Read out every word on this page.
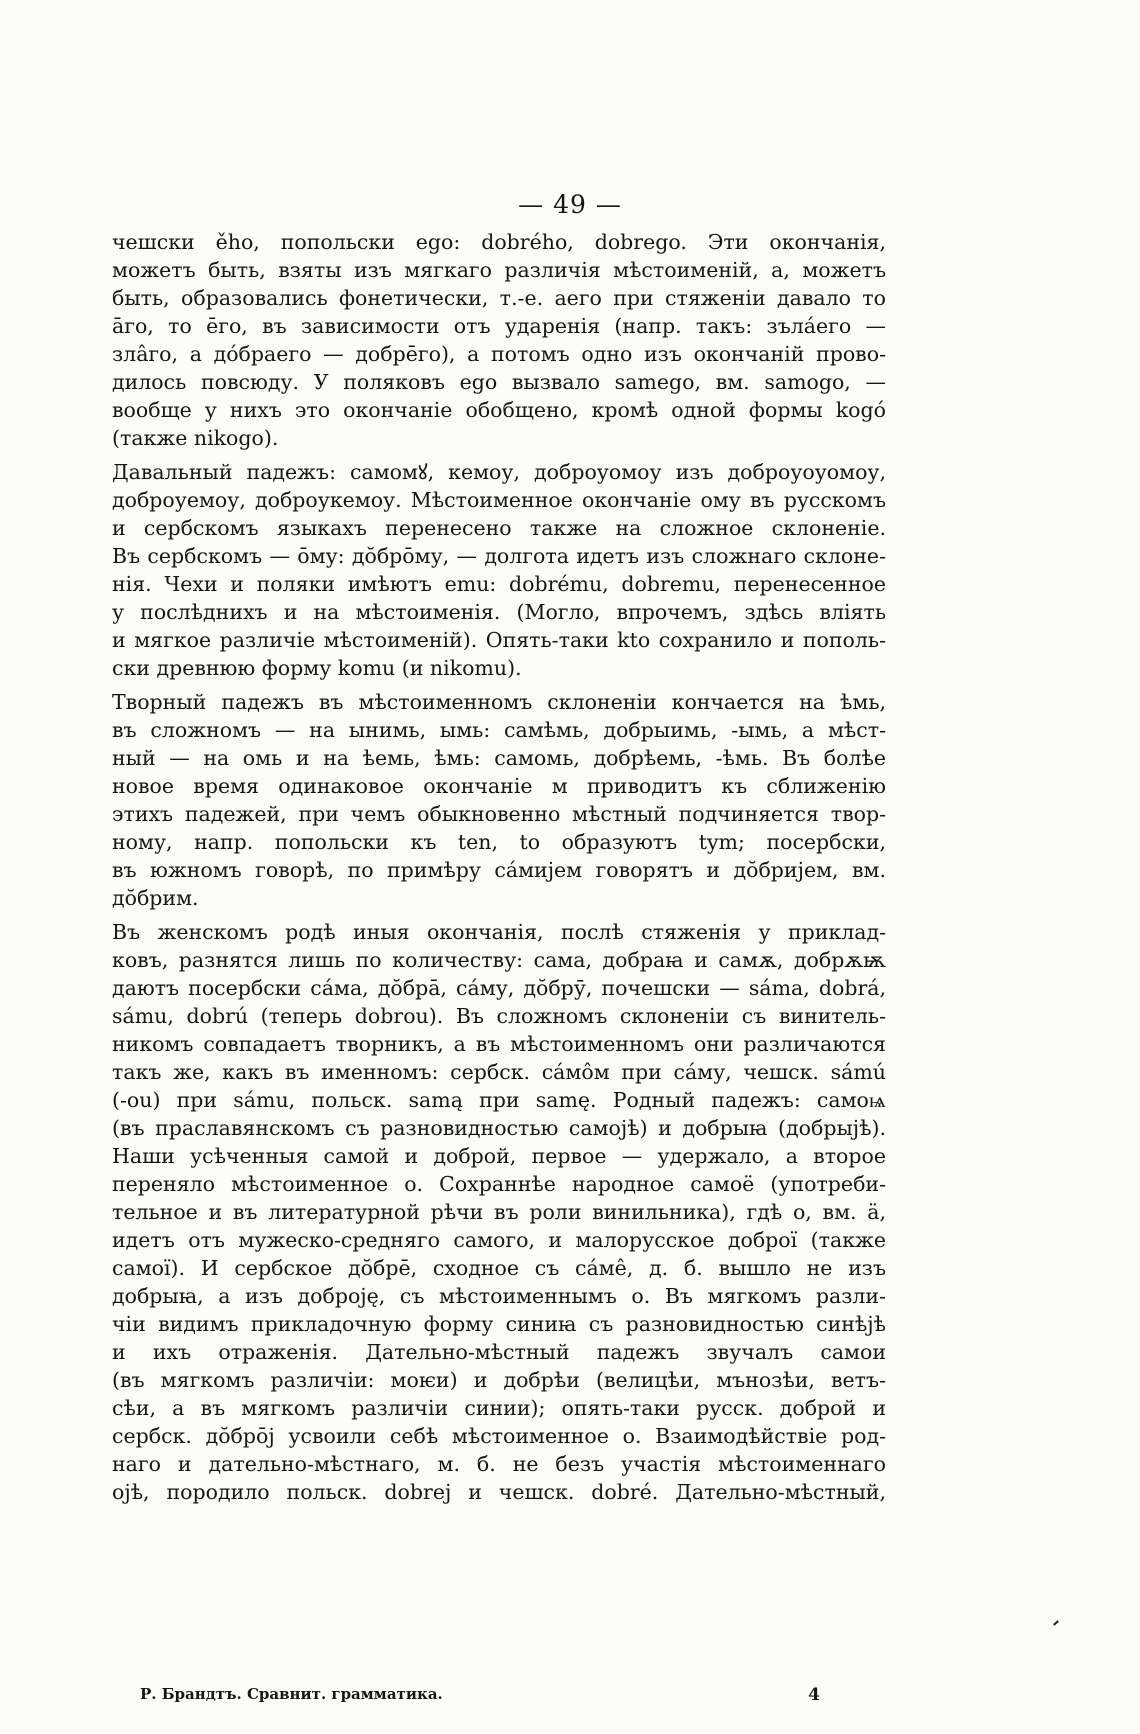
— 49 —
чешски ěho, попольски ego: dobrého, dobrego. Эти окончанія,
можетъ быть, взяты изъ мягкаго различія мѣстоименій, а, можетъ
быть, образовались фонетически, т.-е. аего при стяженіи давало то
āго, то ēго, въ зависимости отъ ударенія (напр. такъ: зълáего —
злâго, а дóбраего — добрēго), а потомъ одно изъ окончаній прово-
дилось повсюду. У поляковъ ego вызвало samego, вм. samogo, —
вообще у нихъ это окончаніе обобщено, кромѣ одной формы kogó
(также nikogo).
Давальный падежъ: самомꙋ, кемоу, доброуомоу изъ доброуоуомоу,
доброуемоу, доброукемоу. Мѣстоименное окончаніе ому въ русскомъ
и сербскомъ языкахъ перенесено также на сложное склоненіе.
Въ сербскомъ — ōму: дŏбрōму, — долгота идетъ изъ сложнаго склоне-
нія. Чехи и поляки имѣютъ emu: dobrému, dobremu, перенесенное
у послѣднихъ и на мѣстоименія. (Могло, впрочемъ, здѣсь вліять
и мягкое различіе мѣстоименій). Опять-таки kto сохранило и пополь-
ски древнюю форму komu (и nikomu).
Творный падежъ въ мѣстоименномъ склоненіи кончается на ѣмь,
въ сложномъ — на ынимь, ымь: самѣмь, добрыимь, -ымь, а мѣст-
ный — на омь и на ѣемь, ѣмь: самомь, добрѣемь, -ѣмь. Въ болѣе
новое время одинаковое окончаніе м приводитъ къ сближенію
этихъ падежей, при чемъ обыкновенно мѣстный подчиняется твор-
ному, напр. попольски къ ten, to образуютъ tym; посербски,
въ южномъ говорѣ, по примѣру сáмијем говорятъ и дŏбријем, вм.
дŏбрим.
Въ женскомъ родѣ иныя окончанія, послѣ стяженія у приклад-
ковъ, разнятся лишь по количеству: сама, добраꙗ и самѫ, добрѫѭ
даютъ посербски сáма, дŏбра̄, сáму, дŏбрӯ, почешски — sáma, dobrá,
sámu, dobrú (теперь dobrou). Въ сложномъ склоненіи съ винитель-
никомъ совпадаетъ творникъ, а въ мѣстоименномъ они различаются
такъ же, какъ въ именномъ: сербск. сáмôм при сáму, чешск. sámú
(-ou) при sámu, польск. samą при samę. Родный падежъ: самоѩ
(въ праславянскомъ съ разновидностью самоjѣ) и добрыꙗ (добрыjѣ).
Наши усѣченныя самой и доброй, первое — удержало, а второе
переняло мѣстоименное о. Сохраннѣе народное самоё (употреби-
тельное и въ литературной рѣчи въ роли винильника), гдѣ о, вм. ä,
идетъ отъ мужеско-средняго самого, и малорусское доброї (также
самої). И сербское дŏбрē, сходное съ сáмê, д. б. вышло не изъ
добрыꙗ, а изъ добројę, съ мѣстоименнымъ о. Въ мягкомъ разли-
чіи видимъ прикладочную форму синиꙗ съ разновидностью синѣjѣ
и ихъ отраженія. Дательно-мѣстный падежъ звучалъ самои
(въ мягкомъ различіи: моѥи) и добрѣи (велицѣи, мънозѣи, ветъ-
сѣи, а въ мягкомъ различіи синии); опять-таки русск. доброй и
сербск. дŏбрōj усвоили себѣ мѣстоименное о. Взаимодѣйствіе род-
наго и дательно-мѣстнаго, м. б. не безъ участія мѣстоименнаго
ојѣ, породило польск. dobrej и чешск. dobré. Дательно-мѣстный,
Р. Брандтъ. Сравнит. грамматика.	4
